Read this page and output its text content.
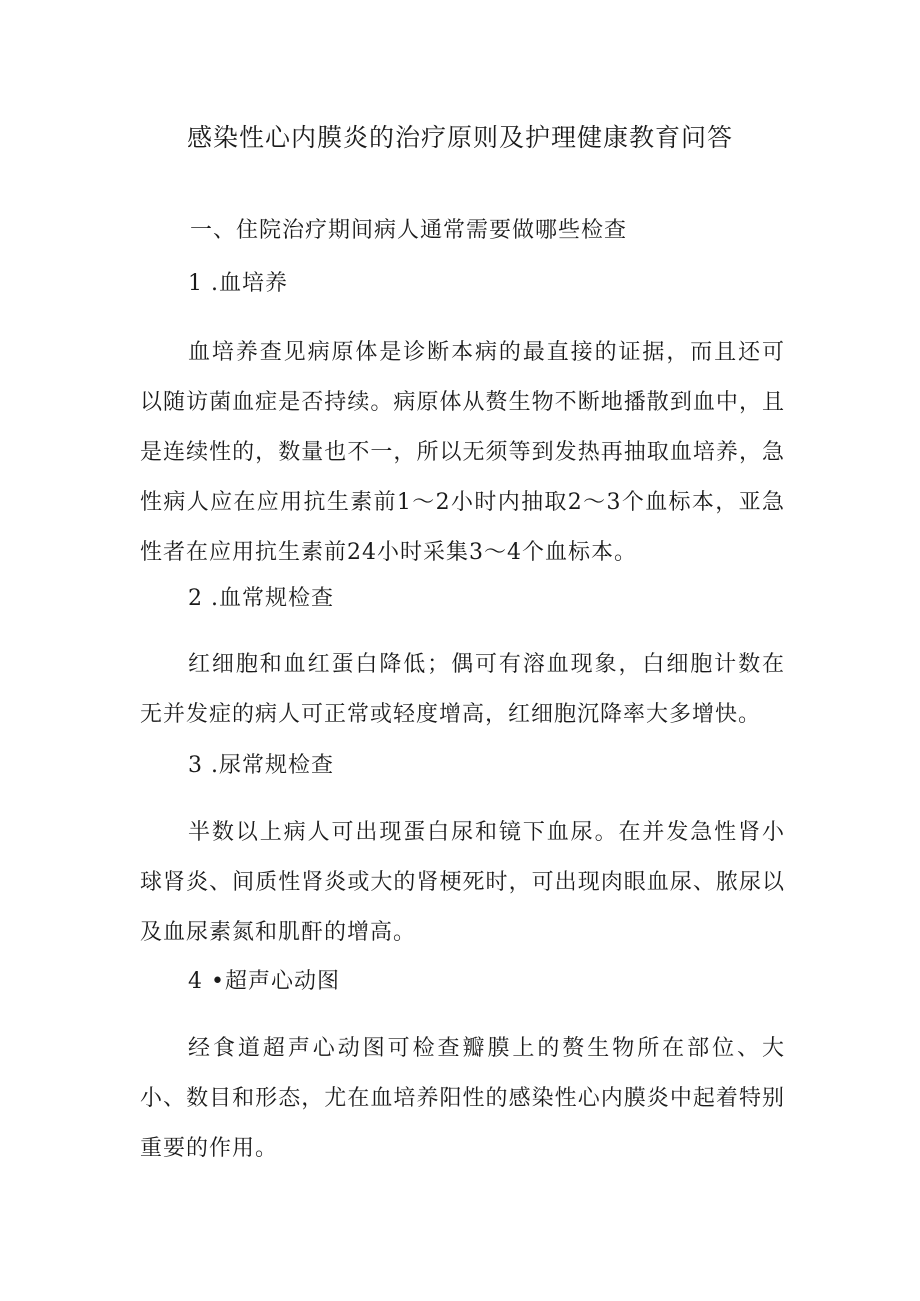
感染性心内膜炎的治疗原则及护理健康教育问答

一、住院治疗期间病人通常需要做哪些检查

1 .血培养

血培养查见病原体是诊断本病的最直接的证据，而且还可以随访菌血症是否持续。病原体从赘生物不断地播散到血中，且是连续性的，数量也不一，所以无须等到发热再抽取血培养，急性病人应在应用抗生素前1～2小时内抽取2～3个血标本，亚急性者在应用抗生素前24小时采集3～4个血标本。

2 .血常规检查

红细胞和血红蛋白降低；偶可有溶血现象，白细胞计数在无并发症的病人可正常或轻度增高，红细胞沉降率大多增快。

3 .尿常规检查

半数以上病人可出现蛋白尿和镜下血尿。在并发急性肾小球肾炎、间质性肾炎或大的肾梗死时，可出现肉眼血尿、脓尿以及血尿素氮和肌酐的增高。

4 •超声心动图

经食道超声心动图可检查瓣膜上的赘生物所在部位、大小、数目和形态，尤在血培养阳性的感染性心内膜炎中起着特别重要的作用。
